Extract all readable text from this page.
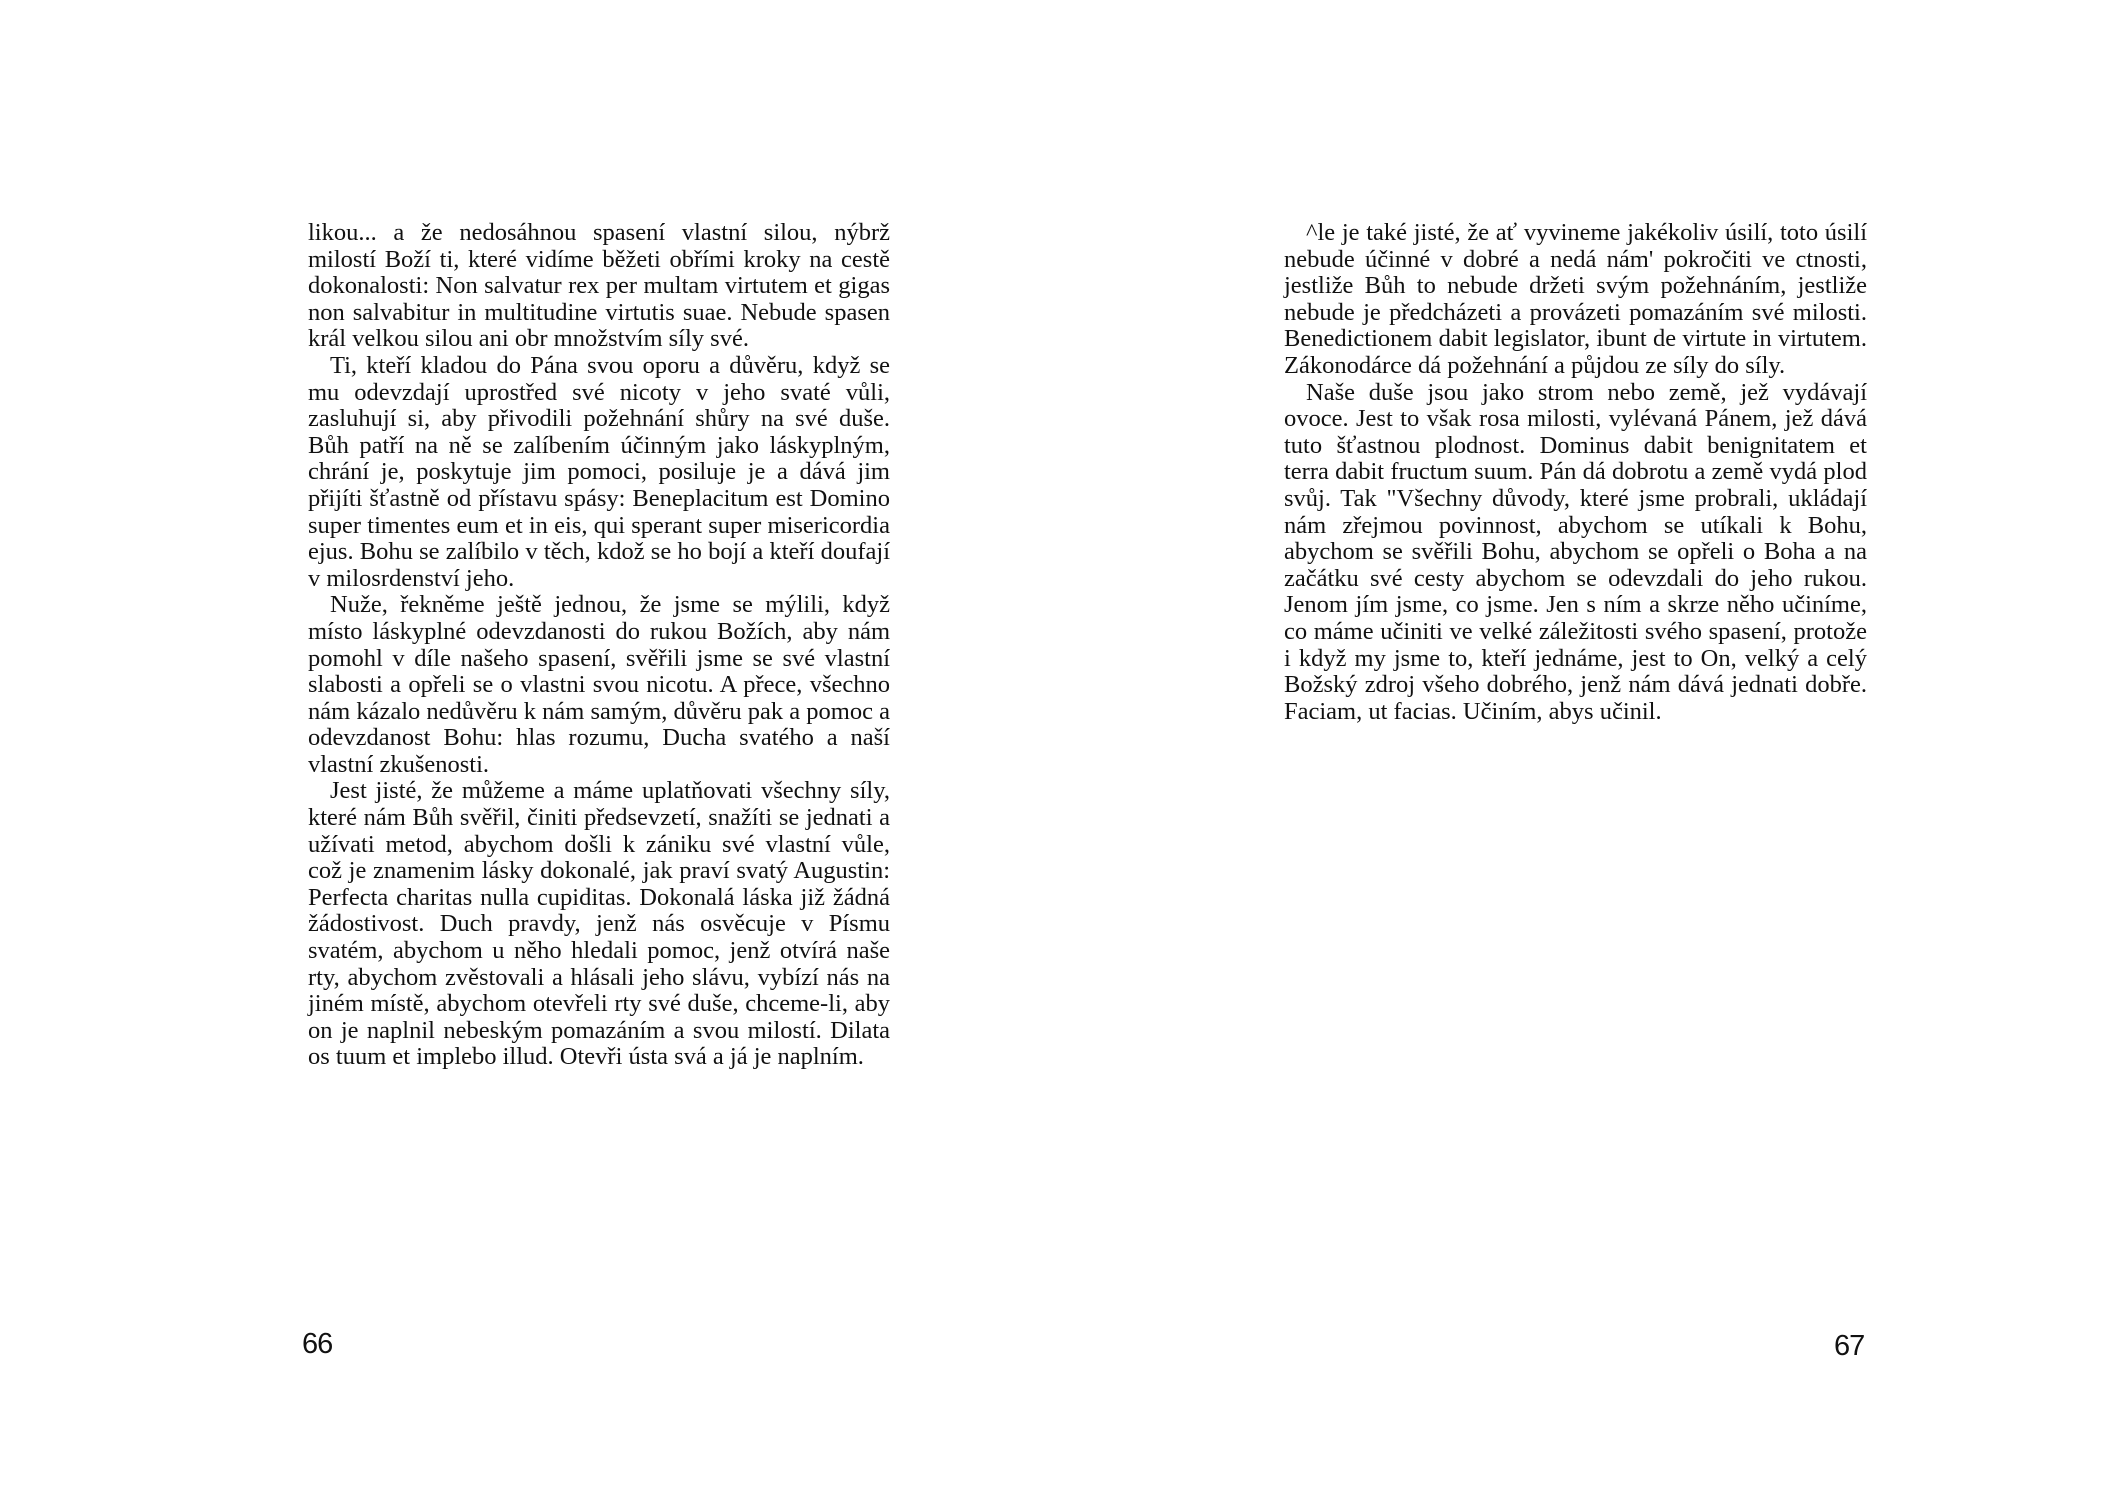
likou... a že nedosáhnou spasení vlastní silou, nýbrž milostí Boží ti, které vidíme běžeti obřími kroky na cestě dokonalosti: Non salvatur rex per multam virtutem et gigas non salvabitur in multitudine virtutis suae. Nebude spasen král velkou silou ani obr množstvím síly své.

Ti, kteří kladou do Pána svou oporu a důvěru, když se mu odevzdají uprostřed své nicoty v jeho svaté vůli, zasluhují si, aby přivodili požehnání shůry na své duše. Bůh patří na ně se zalíbením účinným jako láskyplným, chrání je, poskytuje jim pomoci, posiluje je a dává jim přijíti šťastně od přístavu spásy: Beneplacitum est Domino super timentes eum et in eis, qui sperant super misericordia ejus. Bohu se zalíbilo v těch, kdož se ho bojí a kteří doufají v milosrdenství jeho.

Nuže, řekněme ještě jednou, že jsme se mýlili, když místo láskyplné odevzdanosti do rukou Božích, aby nám pomohl v díle našeho spasení, svěřili jsme se své vlastní slabosti a opřeli se o vlastni svou nicotu. A přece, všechno nám kázalo nedůvěru k nám samým, důvěru pak a pomoc a odevzdanost Bohu: hlas rozumu, Ducha svatého a naší vlastní zkušenosti.

Jest jisté, že můžeme a máme uplatňovati všechny síly, které nám Bůh svěřil, činiti předsevzetí, snažíti se jednati a užívati metod, abychom došli k zániku své vlastní vůle, což je znamenim lásky dokonalé, jak praví svatý Augustin: Perfecta charitas nulla cupiditas. Dokonalá láska již žádná žádostivost. Duch pravdy, jenž nás osvěcuje v Písmu svatém, abychom u něho hledali pomoc, jenž otvírá naše rty, abychom zvěstovali a hlásali jeho slávu, vybízí nás na jiném místě, abychom otevřeli rty své duše, chceme-li, aby on je naplnil nebeským pomazáním a svou milostí. Dilata os tuum et implebo illud. Otevři ústa svá a já je naplním.

66

^le je také jisté, že ať vyvineme jakékoliv úsilí, toto úsilí nebude účinné v dobré a nedá nám' pokročiti ve ctnosti, jestliže Bůh to nebude držeti svým požehnáním, jestliže nebude je předcházeti a provázeti pomazáním své milosti. Benedictionem dabit legislator, ibunt de virtute in virtutem. Zákonodárce dá požehnání a půjdou ze síly do síly.

Naše duše jsou jako strom nebo země, jež vydávají ovoce. Jest to však rosa milosti, vylévaná Pánem, jež dává tuto šťastnou plodnost. Dominus dabit benignitatem et terra dabit fructum suum. Pán dá dobrotu a země vydá plod svůj. Tak "Všechny důvody, které jsme probrali, ukládají nám zřejmou povinnost, abychom se utíkali k Bohu, abychom se svěřili Bohu, abychom se opřeli o Boha a na začátku své cesty abychom se odevzdali do jeho rukou. Jenom jím jsme, co jsme. Jen s ním a skrze něho učiníme, co máme učiniti ve velké záležitosti svého spasení, protože i když my jsme to, kteří jednáme, jest to On, velký a celý Božský zdroj všeho dobrého, jenž nám dává jednati dobře. Faciam, ut facias. Učiním, abys učinil.

67
